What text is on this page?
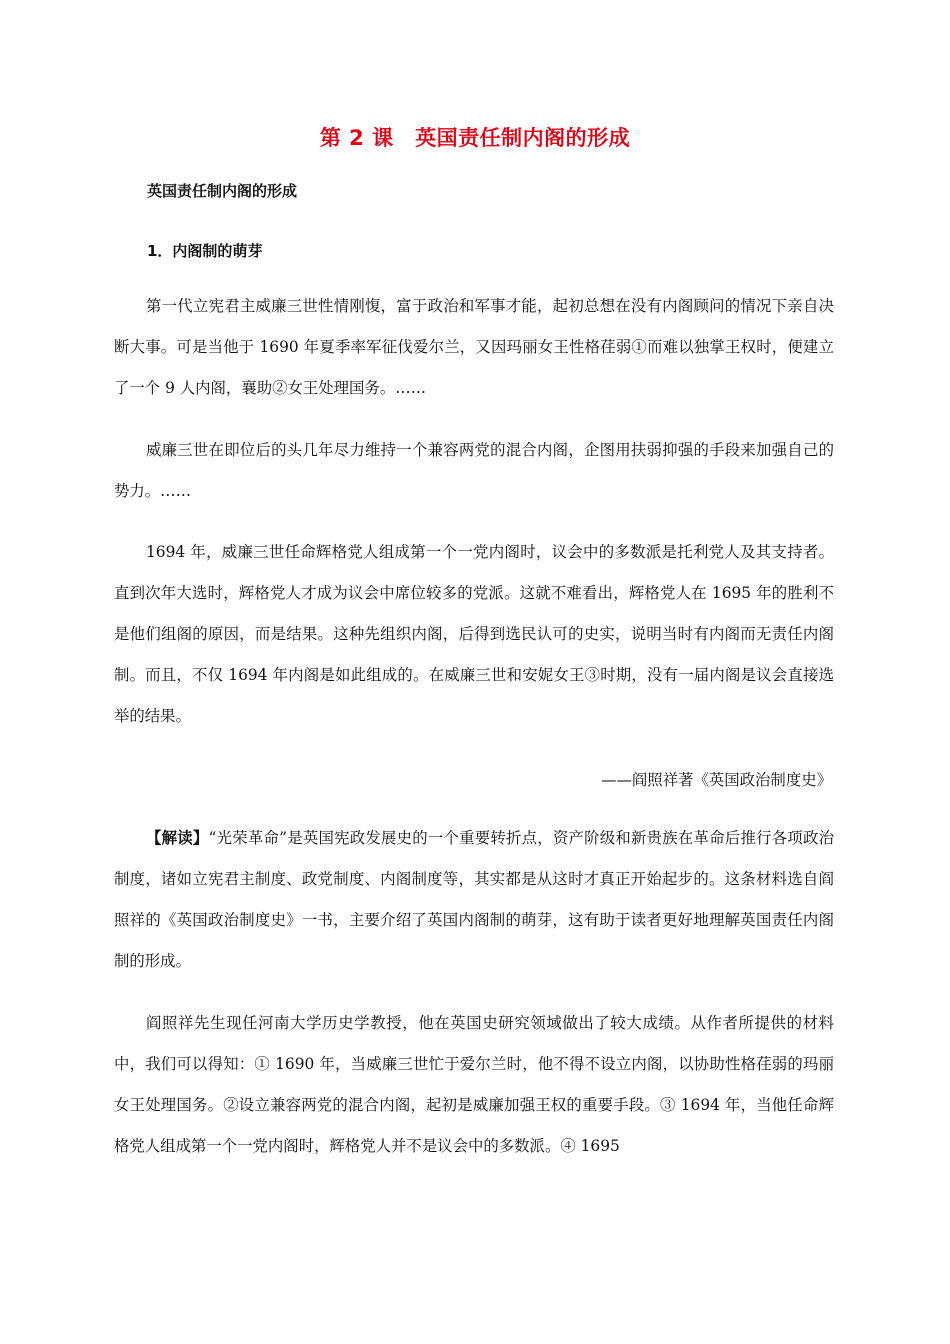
第 2 课　英国责任制内阁的形成
英国责任制内阁的形成
1．内阁制的萌芽

第一代立宪君主威廉三世性情刚愎，富于政治和军事才能，起初总想在没有内阁顾问的情况下亲自决断大事。可是当他于 1690 年夏季率军征伐爱尔兰，又因玛丽女王性格荏弱①而难以独掌王权时，便建立了一个 9 人内阁，襄助②女王处理国务。……

威廉三世在即位后的头几年尽力维持一个兼容两党的混合内阁，企图用扶弱抑强的手段来加强自己的势力。……

1694 年，威廉三世任命辉格党人组成第一个一党内阁时，议会中的多数派是托利党人及其支持者。直到次年大选时，辉格党人才成为议会中席位较多的党派。这就不难看出，辉格党人在 1695 年的胜利不是他们组阁的原因，而是结果。这种先组织内阁，后得到选民认可的史实，说明当时有内阁而无责任内阁制。而且，不仅 1694 年内阁是如此组成的。在威廉三世和安妮女王③时期，没有一届内阁是议会直接选举的结果。

——阎照祥著《英国政治制度史》

【解读】“光荣革命”是英国宪政发展史的一个重要转折点，资产阶级和新贵族在革命后推行各项政治制度，诸如立宪君主制度、政党制度、内阁制度等，其实都是从这时才真正开始起步的。这条材料选自阎照祥的《英国政治制度史》一书，主要介绍了英国内阁制的萌芽，这有助于读者更好地理解英国责任内阁制的形成。

阎照祥先生现任河南大学历史学教授，他在英国史研究领域做出了较大成绩。从作者所提供的材料中，我们可以得知：① 1690 年，当威廉三世忙于爱尔兰时，他不得不设立内阁，以协助性格荏弱的玛丽女王处理国务。②设立兼容两党的混合内阁，起初是威廉加强王权的重要手段。③ 1694 年，当他任命辉格党人组成第一个一党内阁时，辉格党人并不是议会中的多数派。④ 1695
